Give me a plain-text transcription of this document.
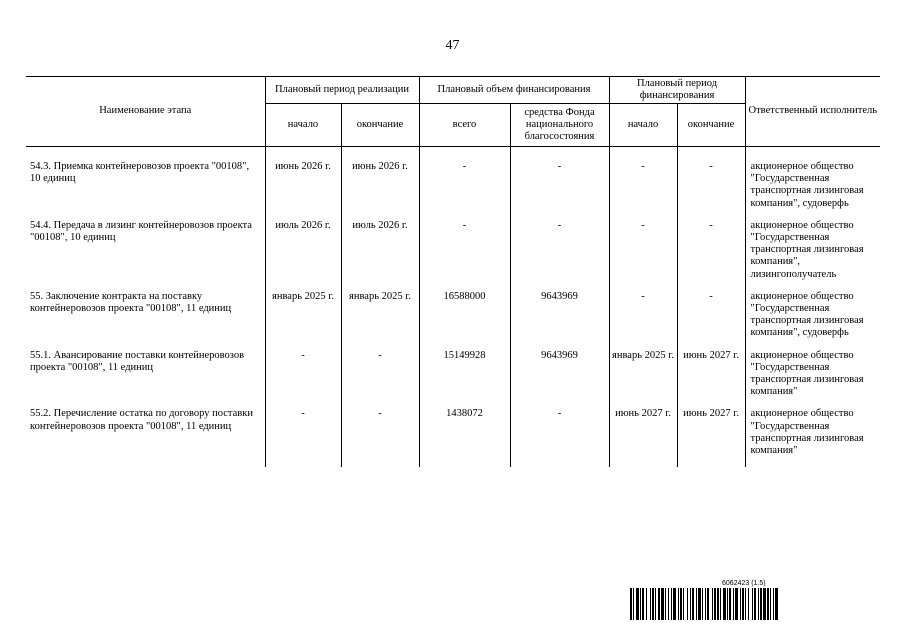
47
Наименование этапа	Плановый период реализации		Плановый объем финансирования		Плановый период финансирования		Ответственный исполнитель
	начало	окончание	всего	средства Фонда национального благосостояния	начало	окончание	

54.3. Приемка контейнеровозов проекта "00108", 10 единиц	июнь 2026 г.	июнь 2026 г.	-	-	-	-	акционерное общество "Государственная транспортная лизинговая компания", судоверфь
54.4. Передача в лизинг контейнеровозов проекта "00108", 10 единиц	июль 2026 г.	июль 2026 г.	-	-	-	-	акционерное общество "Государственная транспортная лизинговая компания", лизингополучатель
55. Заключение контракта на поставку контейнеровозов проекта "00108", 11 единиц	январь 2025 г.	январь 2025 г.	16588000	9643969	-	-	акционерное общество "Государственная транспортная лизинговая компания", судоверфь
55.1. Авансирование поставки контейнеровозов проекта "00108", 11 единиц	-	-	15149928	9643969	январь 2025 г.	июнь 2027 г.	акционерное общество "Государственная транспортная лизинговая компания"
55.2. Перечисление остатка по договору поставки контейнеровозов проекта "00108", 11 единиц	-	-	1438072	-	июнь 2027 г.	июнь 2027 г.	акционерное общество "Государственная транспортная лизинговая компания"
6062423 (1.5)
